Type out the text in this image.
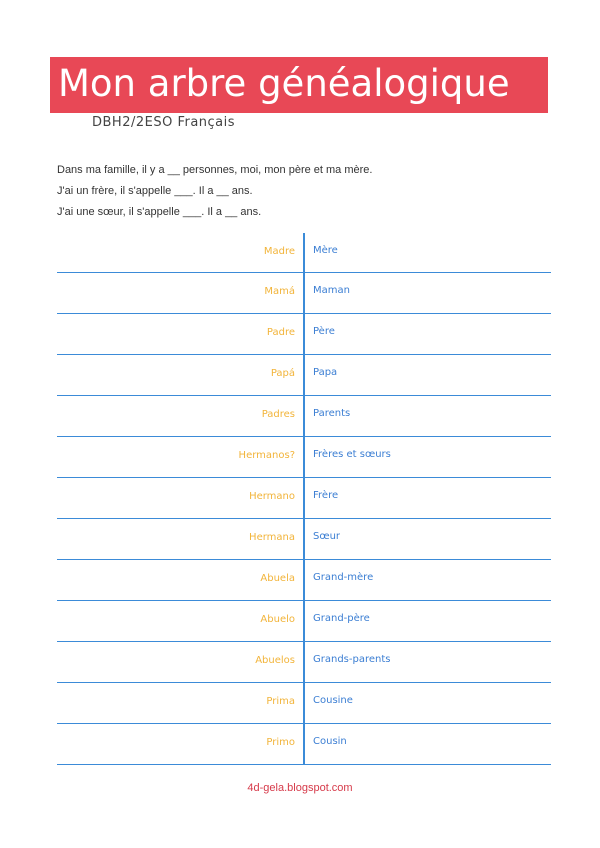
Mon arbre généalogique
DBH2/2ESO Français
Dans ma famille, il y a __ personnes, moi, mon père et ma mère.
J'ai un frère, il s'appelle ___. Il a __ ans.
J'ai une sœur, il s'appelle ___. Il a __ ans.
Madre Mère
Mamá Maman
Padre Père
Papá Papa
Padres Parents
Hermanos? Frères et sœurs
Hermano Frère
Hermana Sœur
Abuela Grand-mère
Abuelo Grand-père
Abuelos Grands-parents
Prima Cousine
Primo Cousin
4d-gela.blogspot.com
